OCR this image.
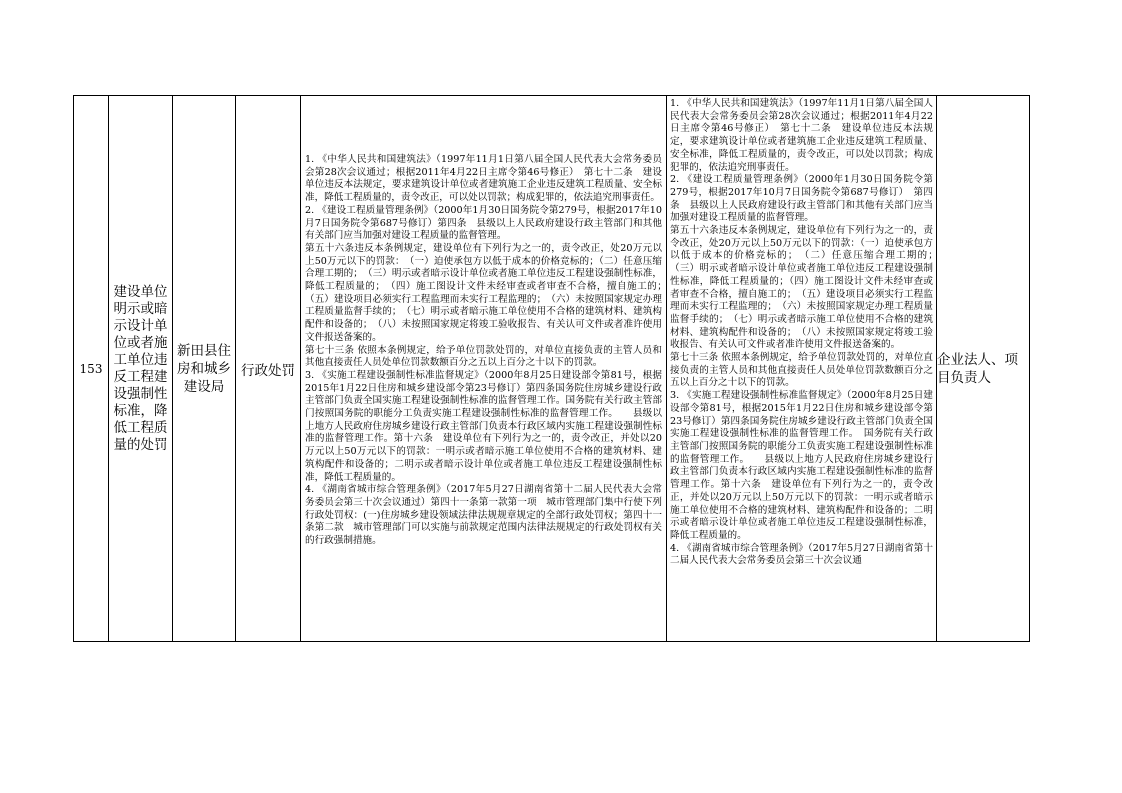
153

建设单位明示或暗示设计单位或者施工单位违反工程建设强制性标准，降低工程质量的处罚

新田县住房和城乡建设局

行政处罚

1. 《中华人民共和国建筑法》（1997年11月1日第八届全国人民代表大会常务委员会第28次会议通过；根据2011年4月22日主席令第46号修正）　第七十二条　建设单位违反本法规定，要求建筑设计单位或者建筑施工企业违反建筑工程质量、安全标准，降低工程质量的，责令改正，可以处以罚款；构成犯罪的，依法追究刑事责任。
2. 《建设工程质量管理条例》（2000年1月30日国务院令第279号，根据2017年10月7日国务院令第687号修订）第四条　县级以上人民政府建设行政主管部门和其他有关部门应当加强对建设工程质量的监督管理。
第五十六条违反本条例规定，建设单位有下列行为之一的，责令改正，处20万元以上50万元以下的罚款：　（一）迫使承包方以低于成本的价格竞标的；（二）任意压缩合理工期的；　（三）明示或者暗示设计单位或者施工单位违反工程建设强制性标准，降低工程质量的；　（四）施工图设计文件未经审查或者审查不合格，擅自施工的；　（五）建设项目必须实行工程监理而未实行工程监理的；　（六）未按照国家规定办理工程质量监督手续的；　（七）明示或者暗示施工单位使用不合格的建筑材料、建筑构配件和设备的；　（八）未按照国家规定将竣工验收报告、有关认可文件或者准许使用文件报送备案的。
第七十三条 依照本条例规定，给予单位罚款处罚的，对单位直接负责的主管人员和其他直接责任人员处单位罚款数额百分之五以上百分之十以下的罚款。
3. 《实施工程建设强制性标准监督规定》（2000年8月25日建设部令第81号，根据2015年1月22日住房和城乡建设部令第23号修订）第四条国务院住房城乡建设行政主管部门负责全国实施工程建设强制性标准的监督管理工作。国务院有关行政主管部门按照国务院的职能分工负责实施工程建设强制性标准的监督管理工作。　　县级以上地方人民政府住房城乡建设行政主管部门负责本行政区域内实施工程建设强制性标准的监督管理工作。第十六条　建设单位有下列行为之一的，责令改正，并处以20万元以上50万元以下的罚款：一明示或者暗示施工单位使用不合格的建筑材料、建筑构配件和设备的；二明示或者暗示设计单位或者施工单位违反工程建设强制性标准，降低工程质量的。
4. 《湖南省城市综合管理条例》（2017年5月27日湖南省第十二届人民代表大会常务委员会第三十次会议通过）第四十一条第一款第一项　城市管理部门集中行使下列行政处罚权：(一)住房城乡建设领域法律法规规章规定的全部行政处罚权；第四十一条第二款　城市管理部门可以实施与前款规定范围内法律法规规定的行政处罚权有关的行政强制措施。

1. 《中华人民共和国建筑法》（1997年11月1日第八届全国人民代表大会常务委员会第28次会议通过；根据2011年4月22日主席令第46号修正）　第七十二条　建设单位违反本法规定，要求建筑设计单位或者建筑施工企业违反建筑工程质量、安全标准，降低工程质量的，责令改正，可以处以罚款；构成犯罪的，依法追究刑事责任。
2. 《建设工程质量管理条例》（2000年1月30日国务院令第279号，根据2017年10月7日国务院令第687号修订）　第四条　县级以上人民政府建设行政主管部门和其他有关部门应当加强对建设工程质量的监督管理。
第五十六条违反本条例规定，建设单位有下列行为之一的，责令改正，处20万元以上50万元以下的罚款：（一）迫使承包方以低于成本的价格竞标的；　（二）任意压缩合理工期的；　（三）明示或者暗示设计单位或者施工单位违反工程建设强制性标准，降低工程质量的；（四）施工图设计文件未经审查或者审查不合格，擅自施工的；　（五）建设项目必须实行工程监理而未实行工程监理的；　（六）未按照国家规定办理工程质量监督手续的；　（七）明示或者暗示施工单位使用不合格的建筑材料、建筑构配件和设备的；　（八）未按照国家规定将竣工验收报告、有关认可文件或者准许使用文件报送备案的。
第七十三条 依照本条例规定，给予单位罚款处罚的，对单位直接负责的主管人员和其他直接责任人员处单位罚款数额百分之五以上百分之十以下的罚款。
3. 《实施工程建设强制性标准监督规定》（2000年8月25日建设部令第81号，根据2015年1月22日住房和城乡建设部令第23号修订）第四条国务院住房城乡建设行政主管部门负责全国实施工程建设强制性标准的监督管理工作。　国务院有关行政主管部门按照国务院的职能分工负责实施工程建设强制性标准的监督管理工作。　　县级以上地方人民政府住房城乡建设行政主管部门负责本行政区域内实施工程建设强制性标准的监督管理工作。第十六条　建设单位有下列行为之一的，责令改正，并处以20万元以上50万元以下的罚款：一明示或者暗示施工单位使用不合格的建筑材料、建筑构配件和设备的；二明示或者暗示设计单位或者施工单位违反工程建设强制性标准，降低工程质量的。
4. 《湖南省城市综合管理条例》（2017年5月27日湖南省第十二届人民代表大会常务委员会第三十次会议通

企业法人、项目负责人
